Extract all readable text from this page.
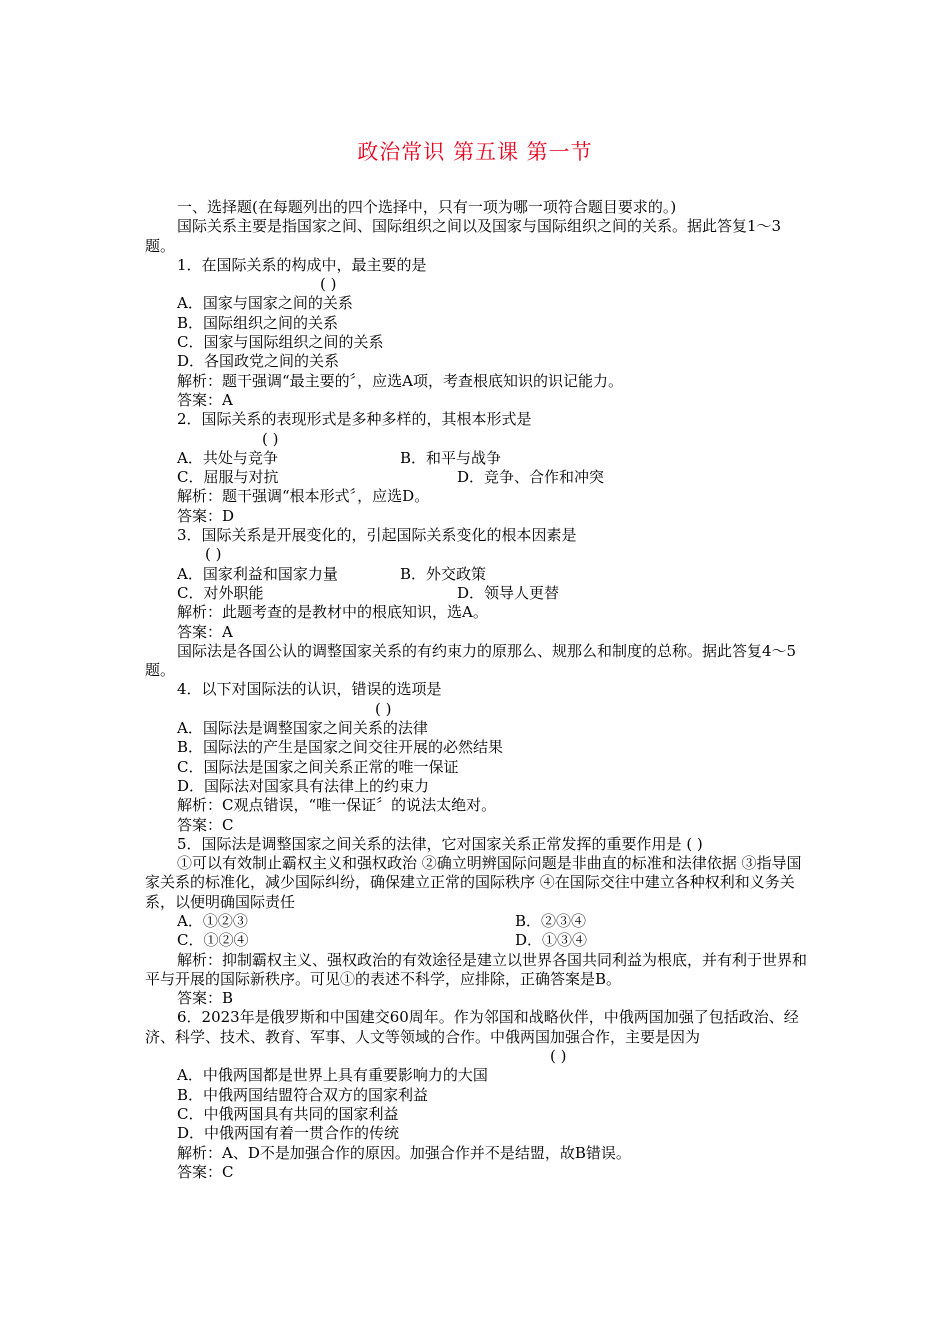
政治常识 第五课 第一节
一、选择题(在每题列出的四个选择中，只有一项为哪一项符合题目要求的。)
国际关系主要是指国家之间、国际组织之间以及国家与国际组织之间的关系。据此答复1～3题。
1．在国际关系的构成中，最主要的是
( )
A．国家与国家之间的关系
B．国际组织之间的关系
C．国家与国际组织之间的关系
D．各国政党之间的关系
解析：题干强调“最主要的〞，应选A项，考查根底知识的识记能力。
答案：A
2．国际关系的表现形式是多种多样的，其根本形式是
( )
A．共处与竞争	B．和平与战争
C．屈服与对抗	D．竞争、合作和冲突
解析：题干强调“根本形式〞，应选D。
答案：D
3．国际关系是开展变化的，引起国际关系变化的根本因素是
( )
A．国家利益和国家力量	B．外交政策
C．对外职能	D．领导人更替
解析：此题考查的是教材中的根底知识，选A。
答案：A
国际法是各国公认的调整国家关系的有约束力的原那么、规那么和制度的总称。据此答复4～5题。
4．以下对国际法的认识，错误的选项是
( )
A．国际法是调整国家之间关系的法律
B．国际法的产生是国家之间交往开展的必然结果
C．国际法是国家之间关系正常的唯一保证
D．国际法对国家具有法律上的约束力
解析：C观点错误，“唯一保证〞的说法太绝对。
答案：C
5．国际法是调整国家之间关系的法律，它对国家关系正常发挥的重要作用是 ( )
①可以有效制止霸权主义和强权政治 ②确立明辨国际问题是非曲直的标准和法律依据 ③指导国家关系的标准化，减少国际纠纷，确保建立正常的国际秩序 ④在国际交往中建立各种权利和义务关系，以便明确国际责任
A．①②③	B．②③④
C．①②④	D．①③④
解析：抑制霸权主义、强权政治的有效途径是建立以世界各国共同利益为根底，并有利于世界和平与开展的国际新秩序。可见①的表述不科学，应排除，正确答案是B。
答案：B
6．2023年是俄罗斯和中国建交60周年。作为邻国和战略伙伴，中俄两国加强了包括政治、经济、科学、技术、教育、军事、人文等领域的合作。中俄两国加强合作，主要是因为
( )
A．中俄两国都是世界上具有重要影响力的大国
B．中俄两国结盟符合双方的国家利益
C．中俄两国具有共同的国家利益
D．中俄两国有着一贯合作的传统
解析：A、D不是加强合作的原因。加强合作并不是结盟，故B错误。
答案：C
